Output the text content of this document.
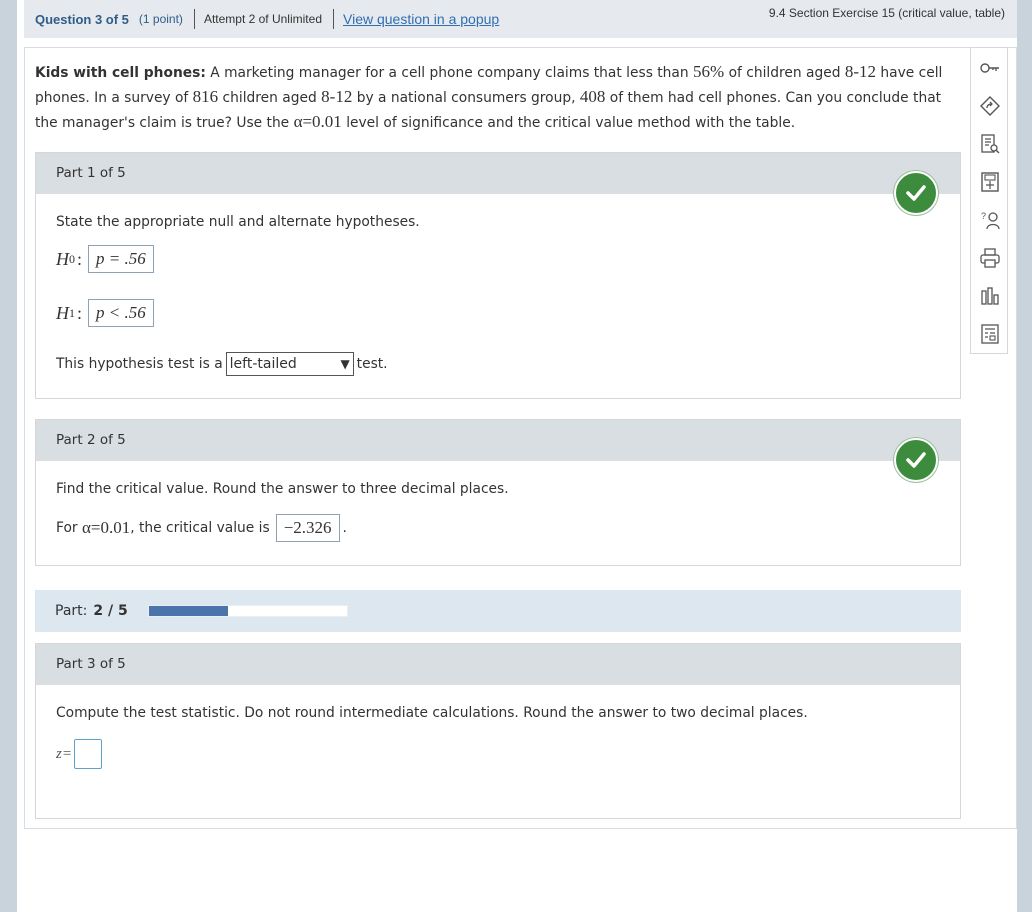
Question 3 of 5 (1 point) Attempt 2 of Unlimited View question in a popup	9.4 Section Exercise 15 (critical value, table)
Kids with cell phones: A marketing manager for a cell phone company claims that less than 56% of children aged 8-12 have cell phones. In a survey of 816 children aged 8-12 by a national consumers group, 408 of them had cell phones. Can you conclude that the manager's claim is true? Use the α=0.01 level of significance and the critical value method with the table.
Part 1 of 5
State the appropriate null and alternate hypotheses.
H 0 : p = .56
H 1 : p < .56
This hypothesis test is a left-tailed	▼ test.
Part 2 of 5
Find the critical value. Round the answer to three decimal places.
For α=0.01 , the critical value is −2.326 .
Part: 2 / 5
Part 3 of 5
Compute the test statistic. Do not round intermediate calculations. Round the answer to two decimal places.
z=
?
